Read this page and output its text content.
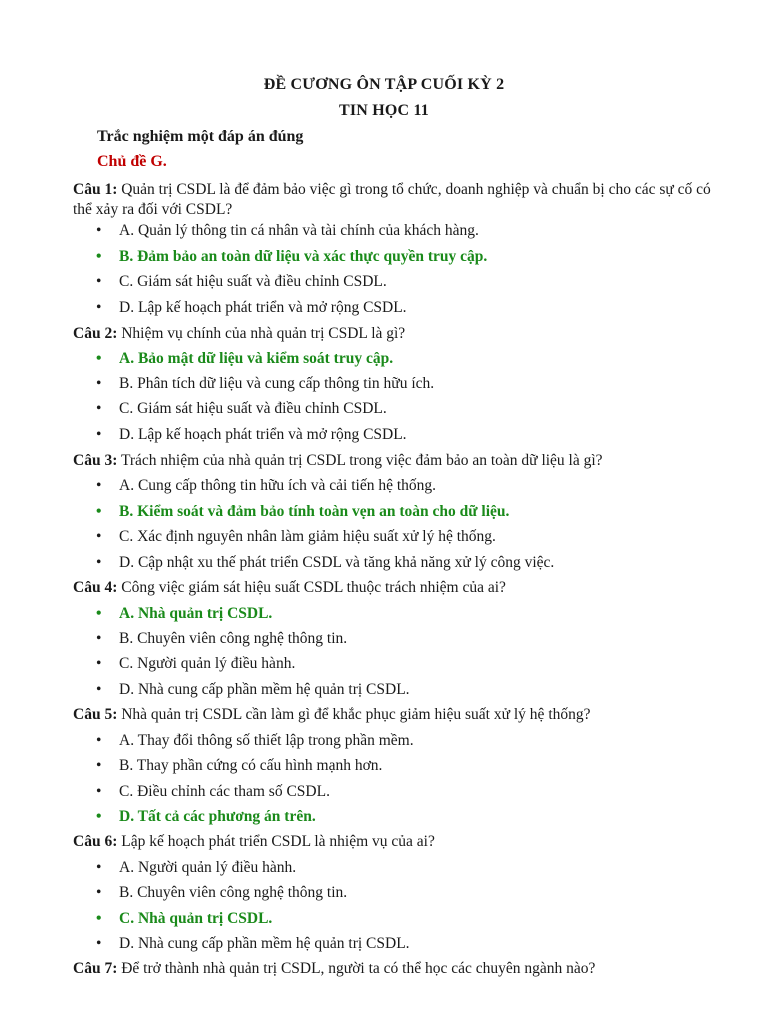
ĐỀ CƯƠNG ÔN TẬP CUỐI KỲ 2
TIN HỌC 11
Trắc nghiệm một đáp án đúng
Chủ đề G.
Câu 1: Quản trị CSDL là để đảm bảo việc gì trong tổ chức, doanh nghiệp và chuẩn bị cho các sự cố có thể xảy ra đối với CSDL?
• A. Quản lý thông tin cá nhân và tài chính của khách hàng.
• B. Đảm bảo an toàn dữ liệu và xác thực quyền truy cập.
• C. Giám sát hiệu suất và điều chỉnh CSDL.
• D. Lập kế hoạch phát triển và mở rộng CSDL.
Câu 2: Nhiệm vụ chính của nhà quản trị CSDL là gì?
• A. Bảo mật dữ liệu và kiểm soát truy cập.
• B. Phân tích dữ liệu và cung cấp thông tin hữu ích.
• C. Giám sát hiệu suất và điều chỉnh CSDL.
• D. Lập kế hoạch phát triển và mở rộng CSDL.
Câu 3: Trách nhiệm của nhà quản trị CSDL trong việc đảm bảo an toàn dữ liệu là gì?
• A. Cung cấp thông tin hữu ích và cải tiến hệ thống.
• B. Kiểm soát và đảm bảo tính toàn vẹn an toàn cho dữ liệu.
• C. Xác định nguyên nhân làm giảm hiệu suất xử lý hệ thống.
• D. Cập nhật xu thế phát triển CSDL và tăng khả năng xử lý công việc.
Câu 4: Công việc giám sát hiệu suất CSDL thuộc trách nhiệm của ai?
• A. Nhà quản trị CSDL.
• B. Chuyên viên công nghệ thông tin.
• C. Người quản lý điều hành.
• D. Nhà cung cấp phần mềm hệ quản trị CSDL.
Câu 5: Nhà quản trị CSDL cần làm gì để khắc phục giảm hiệu suất xử lý hệ thống?
• A. Thay đổi thông số thiết lập trong phần mềm.
• B. Thay phần cứng có cấu hình mạnh hơn.
• C. Điều chỉnh các tham số CSDL.
• D. Tất cả các phương án trên.
Câu 6: Lập kế hoạch phát triển CSDL là nhiệm vụ của ai?
• A. Người quản lý điều hành.
• B. Chuyên viên công nghệ thông tin.
• C. Nhà quản trị CSDL.
• D. Nhà cung cấp phần mềm hệ quản trị CSDL.
Câu 7: Để trở thành nhà quản trị CSDL, người ta có thể học các chuyên ngành nào?
